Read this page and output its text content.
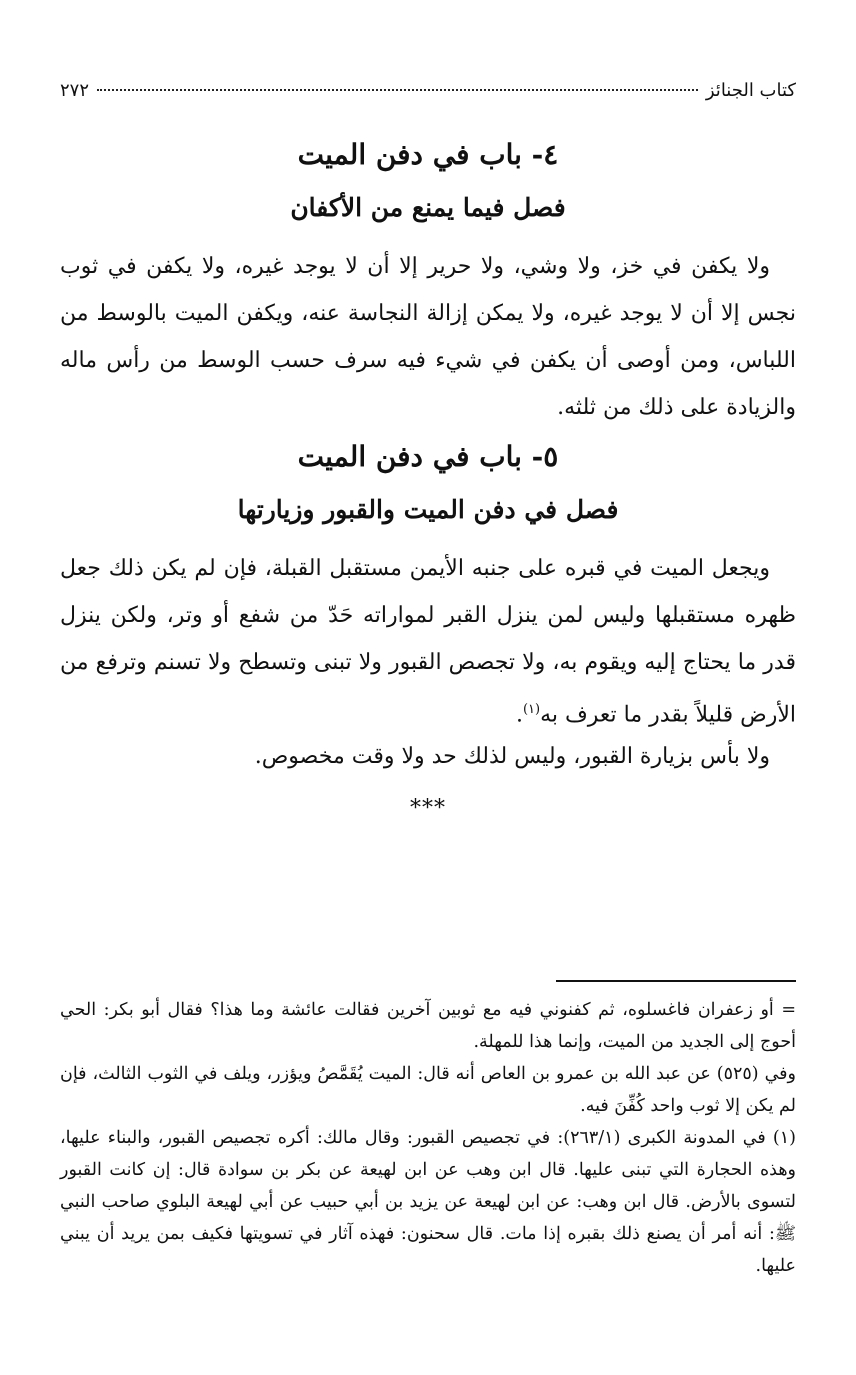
كتاب الجنائز
٢٧٢
٤- باب في دفن الميت
فصل فيما يمنع من الأكفان

ولا يكفن في خز، ولا وشي، ولا حرير إلا أن لا يوجد غيره، ولا يكفن في ثوب نجس إلا أن لا يوجد غيره، ولا يمكن إزالة النجاسة عنه، ويكفن الميت بالوسط من اللباس، ومن أوصى أن يكفن في شيء فيه سرف حسب الوسط من رأس ماله والزيادة على ذلك من ثلثه.

٥- باب في دفن الميت
فصل في دفن الميت والقبور وزيارتها

ويجعل الميت في قبره على جنبه الأيمن مستقبل القبلة، فإن لم يكن ذلك جعل ظهره مستقبلها وليس لمن ينزل القبر لمواراته حَدّ من شفع أو وتر، ولكن ينزل قدر ما يحتاج إليه ويقوم به، ولا تجصص القبور ولا تبنى وتسطح ولا تسنم وترفع من الأرض قليلاً بقدر ما تعرف به$^{(١)}$.

ولا بأس بزيارة القبور، وليس لذلك حد ولا وقت مخصوص.

***

= أو زعفران فاغسلوه، ثم كفنوني فيه مع ثوبين آخرين فقالت عائشة وما هذا؟ فقال أبو بكر: الحي أحوج إلى الجديد من الميت، وإنما هذا للمهلة.

وفي (٥٢٥) عن عبد الله بن عمرو بن العاص أنه قال: الميت يُقَمَّصُ ويؤزر، ويلف في الثوب الثالث، فإن لم يكن إلا ثوب واحد كُفِّنَ فيه.

(١) في المدونة الكبرى (٢٦٣/١): في تجصيص القبور: وقال مالك: أكره تجصيص القبور، والبناء عليها، وهذه الحجارة التي تبنى عليها. قال ابن وهب عن ابن لهيعة عن بكر بن سوادة قال: إن كانت القبور لتسوى بالأرض. قال ابن وهب: عن ابن لهيعة عن يزيد بن أبي حبيب عن أبي لهيعة البلوي صاحب النبي ﷺ: أنه أمر أن يصنع ذلك بقبره إذا مات. قال سحنون: فهذه آثار في تسويتها فكيف بمن يريد أن يبني عليها.
